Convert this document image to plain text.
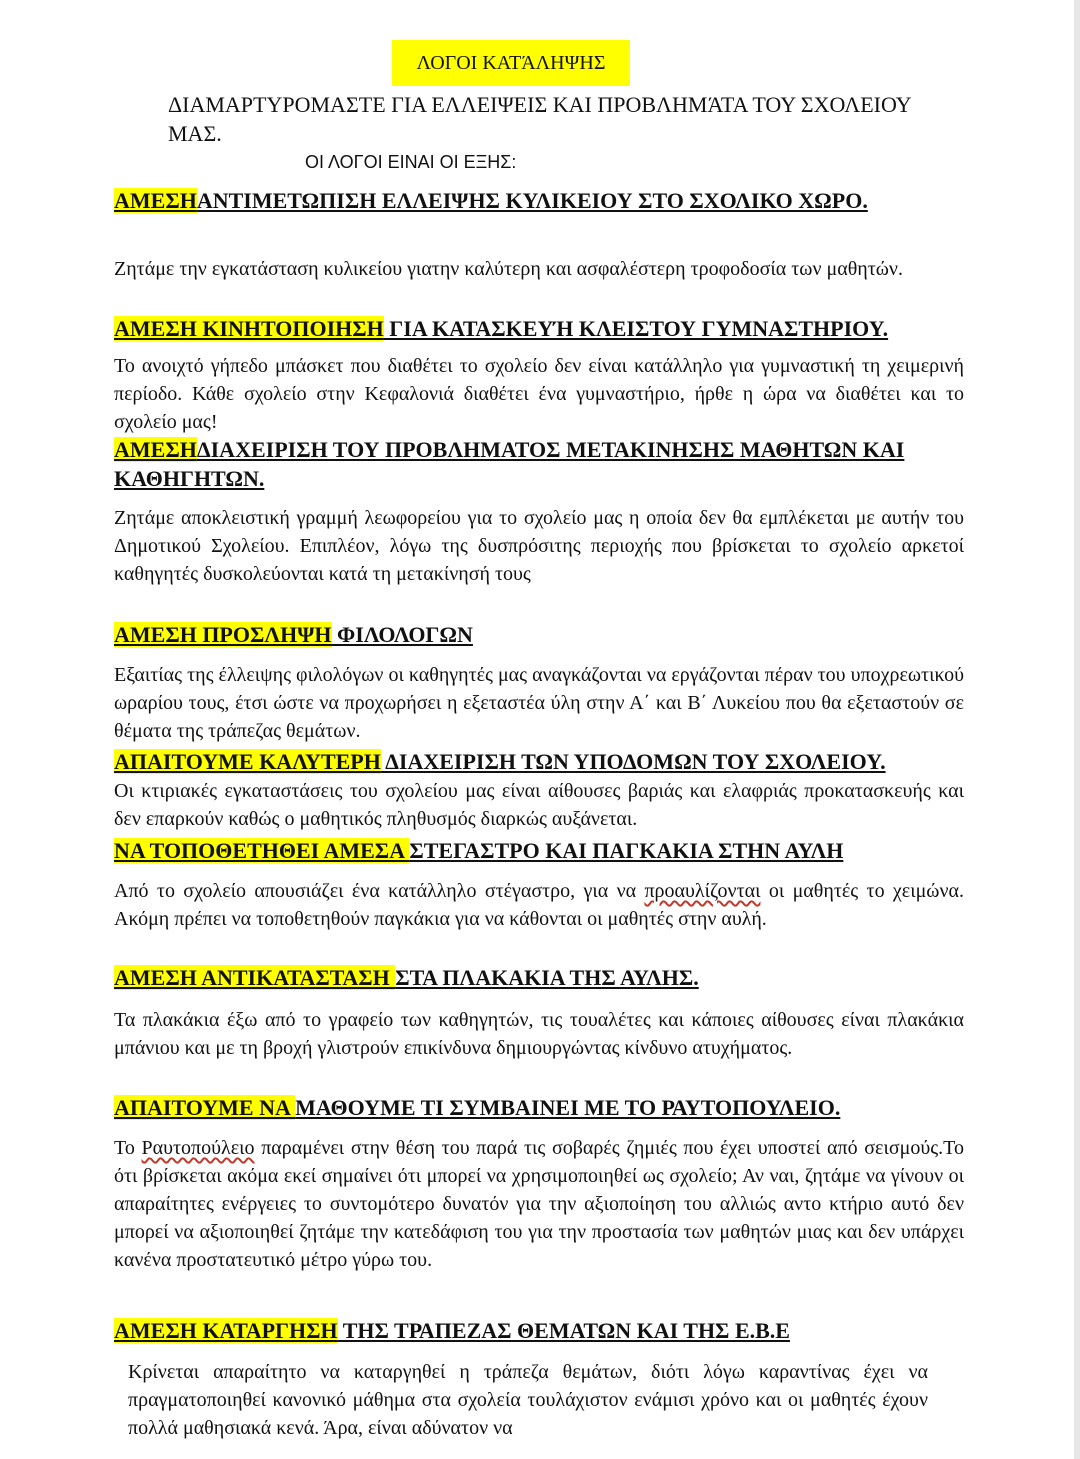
ΛΟΓΟΙ ΚΑΤΆΛΗΨΗΣ
ΔΙΑΜΑΡΤΥΡΟΜΑΣΤΕ ΓΙΑ ΕΛΛΕΙΨΕΙΣ ΚΑΙ ΠΡΟΒΛΗΜΆΤΑ ΤΟΥ ΣΧΟΛΕΙΟΥ ΜΑΣ.
ΟΙ ΛΟΓΟΙ ΕΙΝΑΙ ΟΙ ΕΞΗΣ:
ΑΜΕΣΗΑΝΤΙΜΕΤΩΠΙΣΗ ΕΛΛΕΙΨΗΣ ΚΥΛΙΚΕΙΟΥ ΣΤΟ ΣΧΟΛΙΚΟ ΧΩΡΟ.
Ζητάμε την εγκατάσταση κυλικείου γιατην καλύτερη και ασφαλέστερη τροφοδοσία των μαθητών.
ΑΜΕΣΗ ΚΙΝΗΤΟΠΟΙΗΣΗ ΓΙΑ ΚΑΤΑΣΚΕΥΉ ΚΛΕΙΣΤΟΥ ΓΥΜΝΑΣΤΗΡΙΟΥ.
Το ανοιχτό γήπεδο μπάσκετ που διαθέτει το σχολείο δεν είναι κατάλληλο για γυμναστική τη χειμερινή περίοδο. Κάθε σχολείο στην Κεφαλονιά διαθέτει ένα γυμναστήριο, ήρθε η ώρα να διαθέτει και το σχολείο μας!
ΑΜΕΣΗΔΙΑΧΕΙΡΙΣΗ ΤΟΥ ΠΡΟΒΛΗΜΑΤΟΣ ΜΕΤΑΚΙΝΗΣΗΣ ΜΑΘΗΤΩΝ ΚΑΙ ΚΑΘΗΓΗΤΩΝ.
Ζητάμε αποκλειστική γραμμή λεωφορείου για το σχολείο μας η οποία δεν θα εμπλέκεται με αυτήν του Δημοτικού Σχολείου. Επιπλέον, λόγω της δυσπρόσιτης περιοχής που βρίσκεται το σχολείο αρκετοί καθηγητές δυσκολεύονται κατά τη μετακίνησή τους
ΑΜΕΣΗ ΠΡΟΣΛΗΨΗ ΦΙΛΟΛΟΓΩΝ
Εξαιτίας της έλλειψης φιλολόγων οι καθηγητές μας αναγκάζονται να εργάζονται πέραν του υποχρεωτικού ωραρίου τους, έτσι ώστε να προχωρήσει η εξεταστέα ύλη στην Α΄ και Β΄ Λυκείου που θα εξεταστούν σε θέματα της τράπεζας θεμάτων.
ΑΠΑΙΤΟΥΜΕ ΚΑΛΥΤΕΡΗ ΔΙΑΧΕΙΡΙΣΗ ΤΩΝ ΥΠΟΔΟΜΩΝ ΤΟΥ ΣΧΟΛΕΙΟΥ.
Οι κτιριακές εγκαταστάσεις του σχολείου μας είναι αίθουσες βαριάς και ελαφριάς προκατασκευής και δεν επαρκούν καθώς ο μαθητικός πληθυσμός διαρκώς αυξάνεται.
ΝΑ ΤΟΠΟΘΕΤΗΘΕΙ ΑΜΕΣΑ ΣΤΕΓΑΣΤΡΟ ΚΑΙ ΠΑΓΚΑΚΙΑ ΣΤΗΝ ΑΥΛΗ
Από το σχολείο απουσιάζει ένα κατάλληλο στέγαστρο, για να προαυλίζονται οι μαθητές το χειμώνα. Ακόμη πρέπει να τοποθετηθούν παγκάκια για να κάθονται οι μαθητές στην αυλή.
ΑΜΕΣΗ ΑΝΤΙΚΑΤΑΣΤΑΣΗ ΣΤΑ ΠΛΑΚΑΚΙΑ ΤΗΣ ΑΥΛΗΣ.
Τα πλακάκια έξω από το γραφείο των καθηγητών, τις τουαλέτες και κάποιες αίθουσες είναι πλακάκια μπάνιου και με τη βροχή γλιστρούν επικίνδυνα δημιουργώντας κίνδυνο ατυχήματος.
ΑΠΑΙΤΟΥΜΕ ΝΑ ΜΑΘΟΥΜΕ ΤΙ ΣΥΜΒΑΙΝΕΙ ΜΕ ΤΟ ΡΑΥΤΟΠΟΥΛΕΙΟ.
Το Ραυτοπούλειο παραμένει στην θέση του παρά τις σοβαρές ζημιές που έχει υποστεί από σεισμούς.Το ότι βρίσκεται ακόμα εκεί σημαίνει ότι μπορεί να χρησιμοποιηθεί ως σχολείο; Αν ναι, ζητάμε να γίνουν οι απαραίτητες ενέργειες το συντομότερο δυνατόν για την αξιοποίηση του αλλιώς αντο κτήριο αυτό δεν μπορεί να αξιοποιηθεί ζητάμε την κατεδάφιση του για την προστασία των μαθητών μιας και δεν υπάρχει κανένα προστατευτικό μέτρο γύρω του.
ΑΜΕΣΗ ΚΑΤΑΡΓΗΣΗ ΤΗΣ ΤΡΑΠΕΖΑΣ ΘΕΜΑΤΩΝ ΚΑΙ ΤΗΣ Ε.Β.Ε
Κρίνεται απαραίτητο να καταργηθεί η τράπεζα θεμάτων, διότι λόγω καραντίνας έχει να πραγματοποιηθεί κανονικό μάθημα στα σχολεία τουλάχιστον ενάμισι χρόνο και οι μαθητές έχουν πολλά μαθησιακά κενά. Άρα, είναι αδύνατον να
